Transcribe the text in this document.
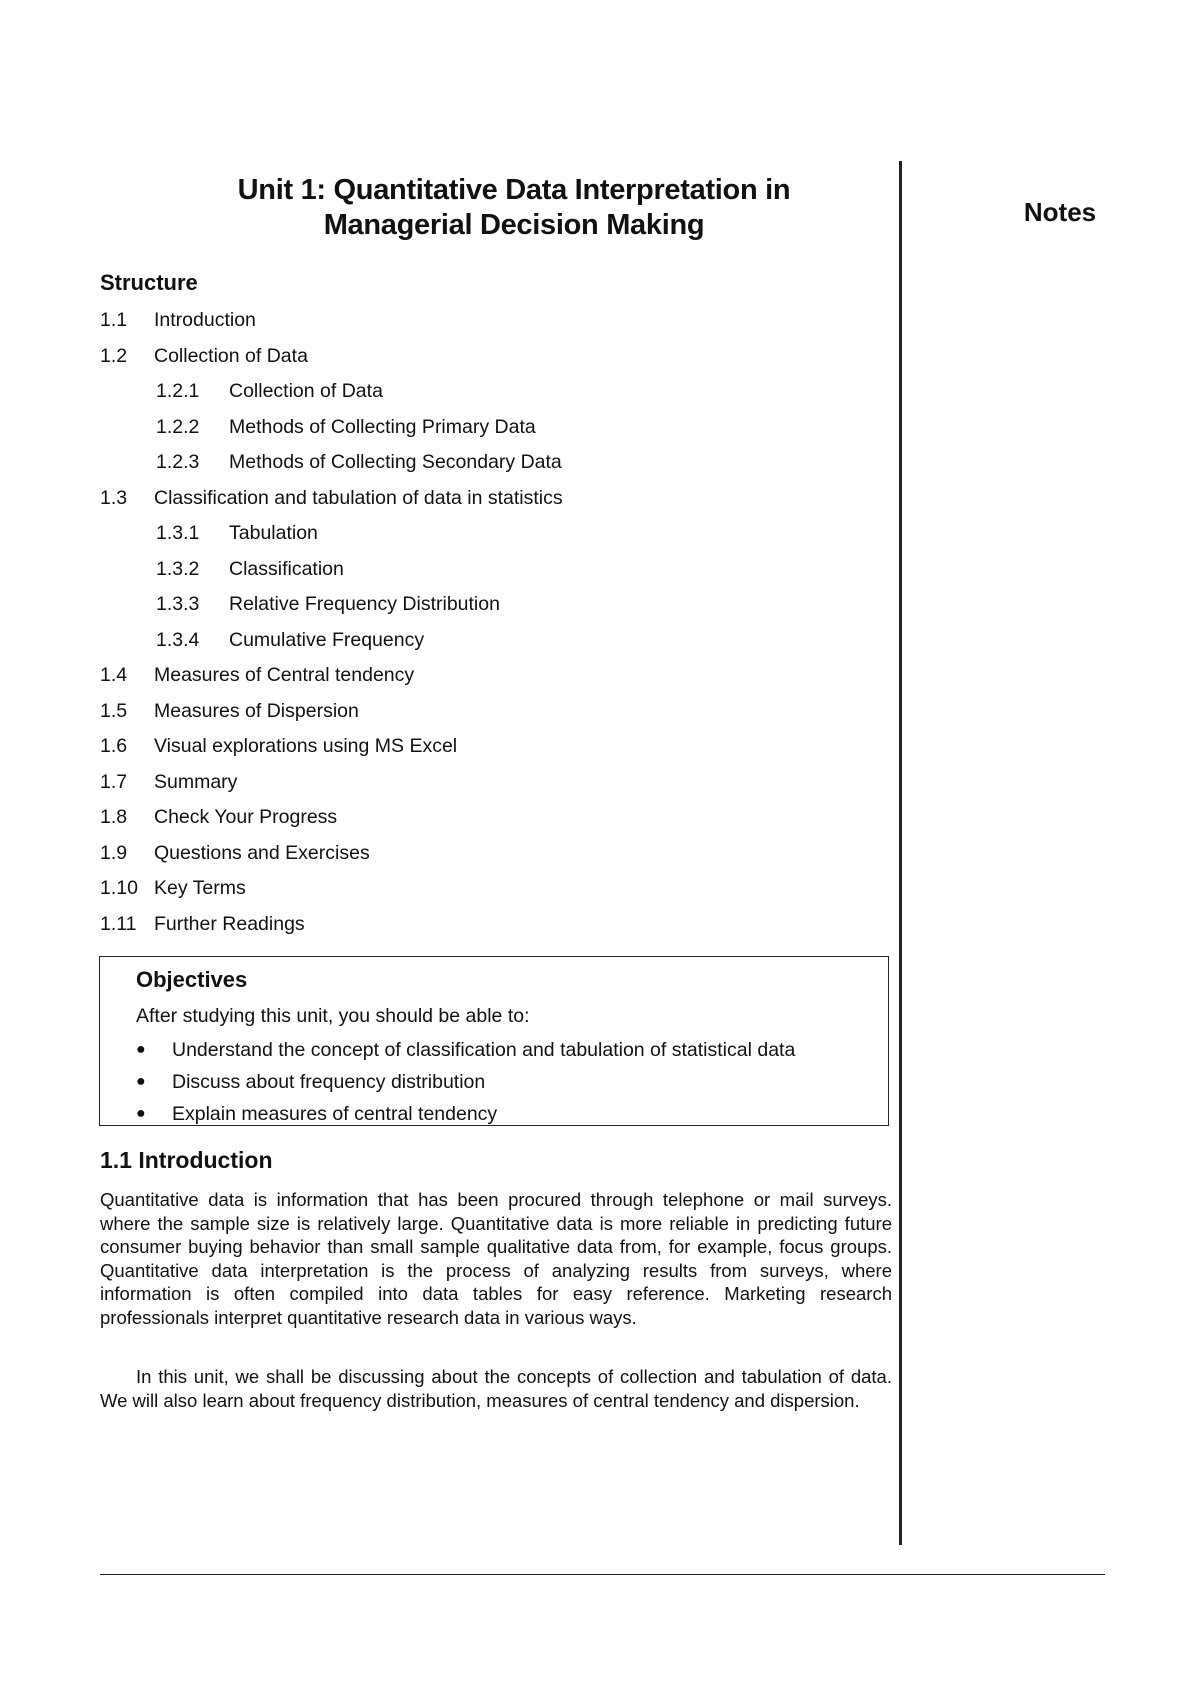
Unit 1: Quantitative Data Interpretation in
Managerial Decision Making	Notes
Structure
1.1 Introduction
1.2 Collection of Data
1.2.1 Collection of Data
1.2.2 Methods of Collecting Primary Data
1.2.3 Methods of Collecting Secondary Data
1.3 Classification and tabulation of data in statistics
1.3.1 Tabulation
1.3.2 Classification
1.3.3 Relative Frequency Distribution
1.3.4 Cumulative Frequency
1.4 Measures of Central tendency
1.5 Measures of Dispersion
1.6 Visual explorations using MS Excel
1.7 Summary
1.8 Check Your Progress
1.9 Questions and Exercises
1.10 Key Terms
1.11 Further Readings
Objectives
After studying this unit, you should be able to:
● Understand the concept of classification and tabulation of statistical data
● Discuss about frequency distribution
● Explain measures of central tendency
1.1 Introduction

Quantitative data is information that has been procured through telephone or mail surveys. where the sample size is relatively large. Quantitative data is more reliable in predicting future consumer buying behavior than small sample qualitative data from, for example, focus groups. Quantitative data interpretation is the process of analyzing results from surveys, where information is often compiled into data tables for easy reference. Marketing research professionals interpret quantitative research data in various ways.

In this unit, we shall be discussing about the concepts of collection and tabulation of data. We will also learn about frequency distribution, measures of central tendency and dispersion.
